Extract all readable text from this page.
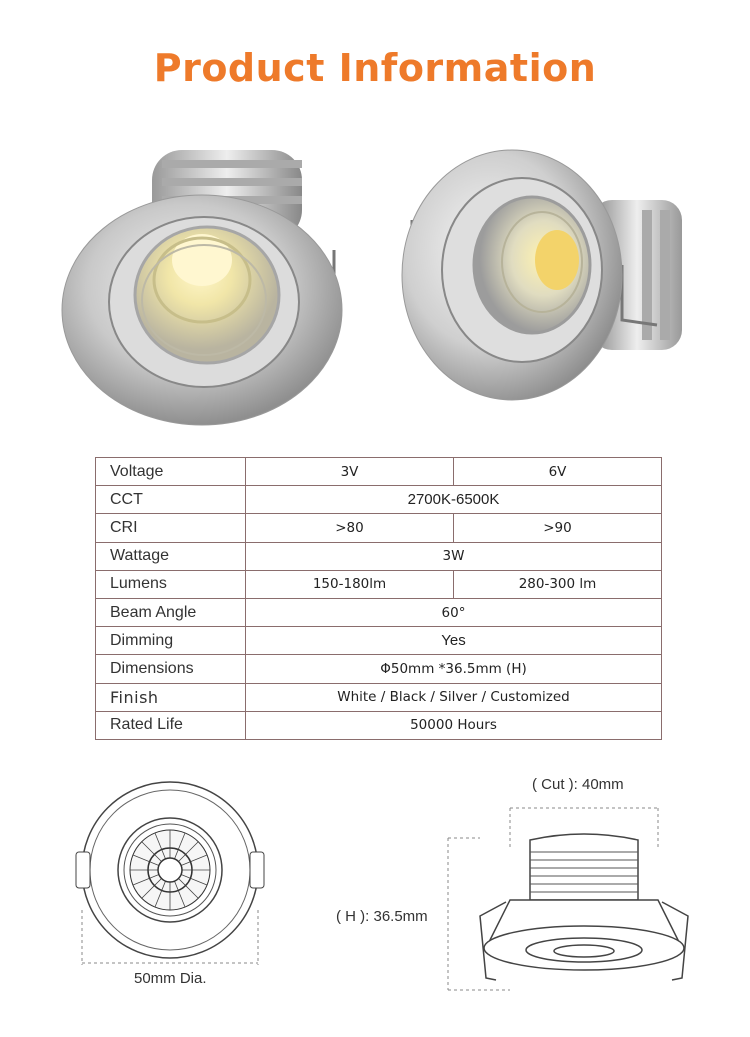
Product Information
Voltage	3V	6V
CCT	2700K-6500K	
CRI	>80	>90
Wattage	3W	
Lumens	150-180lm	280-300 lm
Beam Angle	60°	
Dimming	Yes	
Dimensions	Φ50mm *36.5mm (H)	
Finish	White / Black / Silver / Customized	
Rated Life	50000 Hours	
50mm Dia.
( Cut ): 40mm
( H ): 36.5mm
